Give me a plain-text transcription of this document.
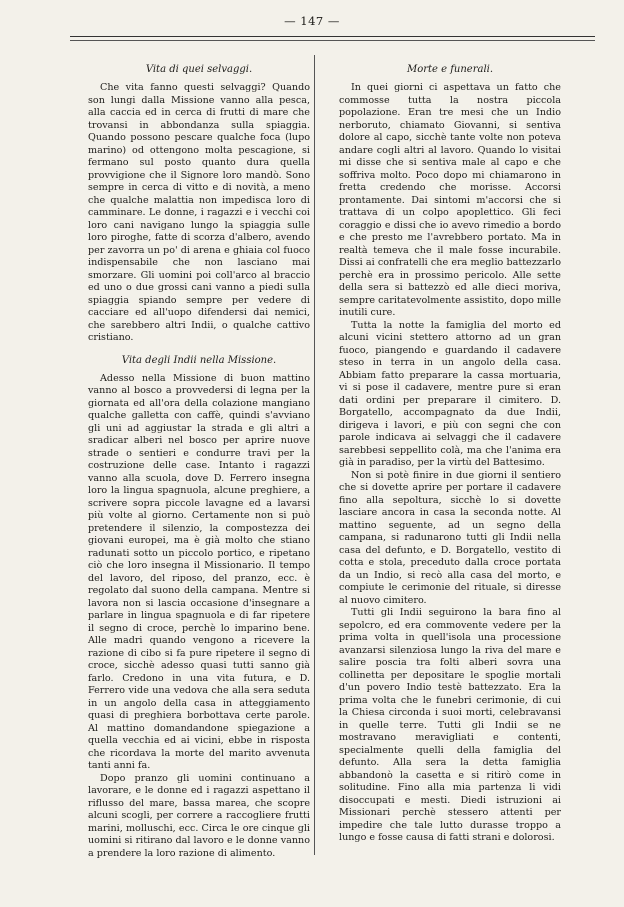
— 147 —
Vita di quei selvaggi.

Che vita fanno questi selvaggi? Quando son lungi dalla Missione vanno alla pesca, alla caccia ed in cerca di frutti di mare che trovansi in abbondanza sulla spiaggia. Quando possono pescare qualche foca (lupo marino) od ottengono molta pescagione, si fermano sul posto quanto dura quella provvigione che il Signore loro mandò. Sono sempre in cerca di vitto e di novità, a meno che qualche malattia non impedisca loro di camminare. Le donne, i ragazzi e i vecchi coi loro cani navigano lungo la spiaggia sulle loro piroghe, fatte di scorza d'albero, avendo per zavorra un po' di arena e ghiaia col fuoco indispensabile che non lasciano mai smorzare. Gli uomini poi coll'arco al braccio ed uno o due grossi cani vanno a piedi sulla spiaggia spiando sempre per vedere di cacciare ed all'uopo difendersi dai nemici, che sarebbero altri Indii, o qualche cattivo cristiano.

Vita degli Indii nella Missione.

Adesso nella Missione di buon mattino vanno al bosco a provvedersi di legna per la giornata ed all'ora della colazione mangiano qualche galletta con caffè, quindi s'avviano gli uni ad aggiustar la strada e gli altri a sradicar alberi nel bosco per aprire nuove strade o sentieri e condurre travi per la costruzione delle case. Intanto i ragazzi vanno alla scuola, dove D. Ferrero insegna loro la lingua spagnuola, alcune preghiere, a scrivere sopra piccole lavagne ed a lavarsi più volte al giorno. Certamente non si può pretendere il silenzio, la compostezza dei giovani europei, ma è già molto che stiano radunati sotto un piccolo portico, e ripetano ciò che loro insegna il Missionario. Il tempo del lavoro, del riposo, del pranzo, ecc. è regolato dal suono della campana. Mentre si lavora non si lascia occasione d'insegnare a parlare in lingua spagnuola e di far ripetere il segno di croce, perchè lo imparino bene. Alle madri quando vengono a ricevere la razione di cibo si fa pure ripetere il segno di croce, sicchè adesso quasi tutti sanno già farlo. Credono in una vita futura, e D. Ferrero vide una vedova che alla sera seduta in un angolo della casa in atteggiamento quasi di preghiera borbottava certe parole. Al mattino domandandone spiegazione a quella vecchia ed ai vicini, ebbe in risposta che ricordava la morte del marito avvenuta tanti anni fa.

Dopo pranzo gli uomini continuano a lavorare, e le donne ed i ragazzi aspettano il riflusso del mare, bassa marea, che scopre alcuni scogli, per correre a raccogliere frutti marini, molluschi, ecc. Circa le ore cinque gli uomini si ritirano dal lavoro e le donne vanno a prendere la loro razione di alimento.

Morte e funerali.

In quei giorni ci aspettava un fatto che commosse tutta la nostra piccola popolazione. Eran tre mesi che un Indio nerboruto, chiamato Giovanni, si sentiva dolore al capo, sicchè tante volte non poteva andare cogli altri al lavoro. Quando lo visitai mi disse che si sentiva male al capo e che soffriva molto. Poco dopo mi chiamarono in fretta credendo che morisse. Accorsi prontamente. Dai sintomi m'accorsi che si trattava di un colpo apoplettico. Gli feci coraggio e dissi che io avevo rimedio a bordo e che presto me l'avrebbero portato. Ma in realtà temeva che il male fosse incurabile. Dissi ai confratelli che era meglio battezzarlo perchè era in prossimo pericolo. Alle sette della sera si battezzò ed alle dieci moriva, sempre caritatevolmente assistito, dopo mille inutili cure.

Tutta la notte la famiglia del morto ed alcuni vicini stettero attorno ad un gran fuoco, piangendo e guardando il cadavere steso in terra in un angolo della casa. Abbiam fatto preparare la cassa mortuaria, vi si pose il cadavere, mentre pure si eran dati ordini per preparare il cimitero. D. Borgatello, accompagnato da due Indii, dirigeva i lavori, e più con segni che con parole indicava ai selvaggi che il cadavere sarebbesi seppellito colà, ma che l'anima era già in paradiso, per la virtù del Battesimo.

Non si potè finire in due giorni il sentiero che si dovette aprire per portare il cadavere fino alla sepoltura, sicchè lo si dovette lasciare ancora in casa la seconda notte. Al mattino seguente, ad un segno della campana, si radunarono tutti gli Indii nella casa del defunto, e D. Borgatello, vestito di cotta e stola, preceduto dalla croce portata da un Indio, si recò alla casa del morto, e compiute le cerimonie del rituale, si diresse al nuovo cimitero.

Tutti gli Indii seguirono la bara fino al sepolcro, ed era commovente vedere per la prima volta in quell'isola una processione avanzarsi silenziosa lungo la riva del mare e salire poscia tra folti alberi sovra una collinetta per depositare le spoglie mortali d'un povero Indio testè battezzato. Era la prima volta che le funebri cerimonie, di cui la Chiesa circonda i suoi morti, celebravansi in quelle terre. Tutti gli Indii se ne mostravano meravigliati e contenti, specialmente quelli della famiglia del defunto. Alla sera la detta famiglia abbandonò la casetta e si ritirò come in solitudine. Fino alla mia partenza li vidi disoccupati e mesti. Diedi istruzioni ai Missionari perchè stessero attenti per impedire che tale lutto durasse troppo a lungo e fosse causa di fatti strani e dolorosi.
